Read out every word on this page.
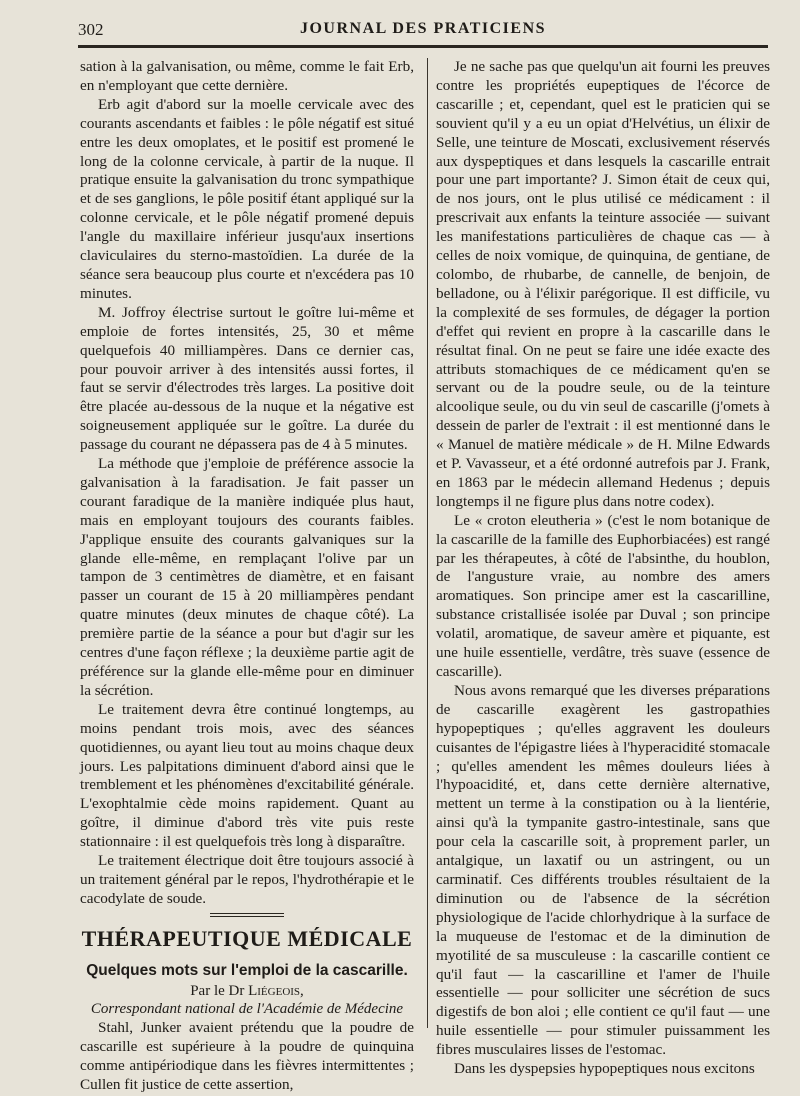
302	JOURNAL DES PRATICIENS

sation à la galvanisation, ou même, comme le fait Erb, en n'employant que cette dernière.

Erb agit d'abord sur la moelle cervicale avec des courants ascendants et faibles : le pôle négatif est situé entre les deux omoplates, et le positif est promené le long de la colonne cervicale, à partir de la nuque. Il pratique ensuite la galvanisation du tronc sympathique et de ses ganglions, le pôle positif étant appliqué sur la colonne cervicale, et le pôle négatif promené depuis l'angle du maxillaire inférieur jusqu'aux insertions claviculaires du sterno-mastoïdien. La durée de la séance sera beaucoup plus courte et n'excédera pas 10 minutes.

M. Joffroy électrise surtout le goître lui-même et emploie de fortes intensités, 25, 30 et même quelquefois 40 milliampères. Dans ce dernier cas, pour pouvoir arriver à des intensités aussi fortes, il faut se servir d'électrodes très larges. La positive doit être placée au-dessous de la nuque et la négative est soigneusement appliquée sur le goître. La durée du passage du courant ne dépassera pas de 4 à 5 minutes.

La méthode que j'emploie de préférence associe la galvanisation à la faradisation. Je fait passer un courant faradique de la manière indiquée plus haut, mais en employant toujours des courants faibles. J'applique ensuite des courants galvaniques sur la glande elle-même, en remplaçant l'olive par un tampon de 3 centimètres de diamètre, et en faisant passer un courant de 15 à 20 milliampères pendant quatre minutes (deux minutes de chaque côté). La première partie de la séance a pour but d'agir sur les centres d'une façon réflexe ; la deuxième partie agit de préférence sur la glande elle-même pour en diminuer la sécrétion.

Le traitement devra être continué longtemps, au moins pendant trois mois, avec des séances quotidiennes, ou ayant lieu tout au moins chaque deux jours. Les palpitations diminuent d'abord ainsi que le tremblement et les phénomènes d'excitabilité générale. L'exophtalmie cède moins rapidement. Quant au goître, il diminue d'abord très vite puis reste stationnaire : il est quelquefois très long à disparaître.

Le traitement électrique doit être toujours associé à un traitement général par le repos, l'hydrothérapie et le cacodylate de soude.

THÉRAPEUTIQUE MÉDICALE
Quelques mots sur l'emploi de la cascarille.
Par le Dr Liégeois,
Correspondant national de l'Académie de Médecine

Stahl, Junker avaient prétendu que la poudre de cascarille est supérieure à la poudre de quinquina comme antipériodique dans les fièvres intermittentes ; Cullen fit justice de cette assertion,

Je ne sache pas que quelqu'un ait fourni les preuves contre les propriétés eupeptiques de l'écorce de cascarille ; et, cependant, quel est le praticien qui se souvient qu'il y a eu un opiat d'Helvétius, un élixir de Selle, une teinture de Moscati, exclusivement réservés aux dyspeptiques et dans lesquels la cascarille entrait pour une part importante? J. Simon était de ceux qui, de nos jours, ont le plus utilisé ce médicament : il prescrivait aux enfants la teinture associée — suivant les manifestations particulières de chaque cas — à celles de noix vomique, de quinquina, de gentiane, de colombo, de rhubarbe, de cannelle, de benjoin, de belladone, ou à l'élixir parégorique. Il est difficile, vu la complexité de ses formules, de dégager la portion d'effet qui revient en propre à la cascarille dans le résultat final. On ne peut se faire une idée exacte des attributs stomachiques de ce médicament qu'en se servant ou de la poudre seule, ou de la teinture alcoolique seule, ou du vin seul de cascarille (j'omets à dessein de parler de l'extrait : il est mentionné dans le « Manuel de matière médicale » de H. Milne Edwards et P. Vavasseur, et a été ordonné autrefois par J. Frank, en 1863 par le médecin allemand Hedenus ; depuis longtemps il ne figure plus dans notre codex).

Le « croton eleutheria » (c'est le nom botanique de la cascarille de la famille des Euphorbiacées) est rangé par les thérapeutes, à côté de l'absinthe, du houblon, de l'angusture vraie, au nombre des amers aromatiques. Son principe amer est la cascarilline, substance cristallisée isolée par Duval ; son principe volatil, aromatique, de saveur amère et piquante, est une huile essentielle, verdâtre, très suave (essence de cascarille).

Nous avons remarqué que les diverses préparations de cascarille exagèrent les gastropathies hypopeptiques ; qu'elles aggravent les douleurs cuisantes de l'épigastre liées à l'hyperacidité stomacale ; qu'elles amendent les mêmes douleurs liées à l'hypoacidité, et, dans cette dernière alternative, mettent un terme à la constipation ou à la lientérie, ainsi qu'à la tympanite gastro-intestinale, sans que pour cela la cascarille soit, à proprement parler, un antalgique, un laxatif ou un astringent, ou un carminatif. Ces différents troubles résultaient de la diminution ou de l'absence de la sécrétion physiologique de l'acide chlorhydrique à la surface de la muqueuse de l'estomac et de la diminution de myotilité de sa musculeuse : la cascarille contient ce qu'il faut — la cascarilline et l'amer de l'huile essentielle — pour solliciter une sécrétion de sucs digestifs de bon aloi ; elle contient ce qu'il faut — une huile essentielle — pour stimuler puissamment les fibres musculaires lisses de l'estomac.

Dans les dyspepsies hypopeptiques nous excitons
